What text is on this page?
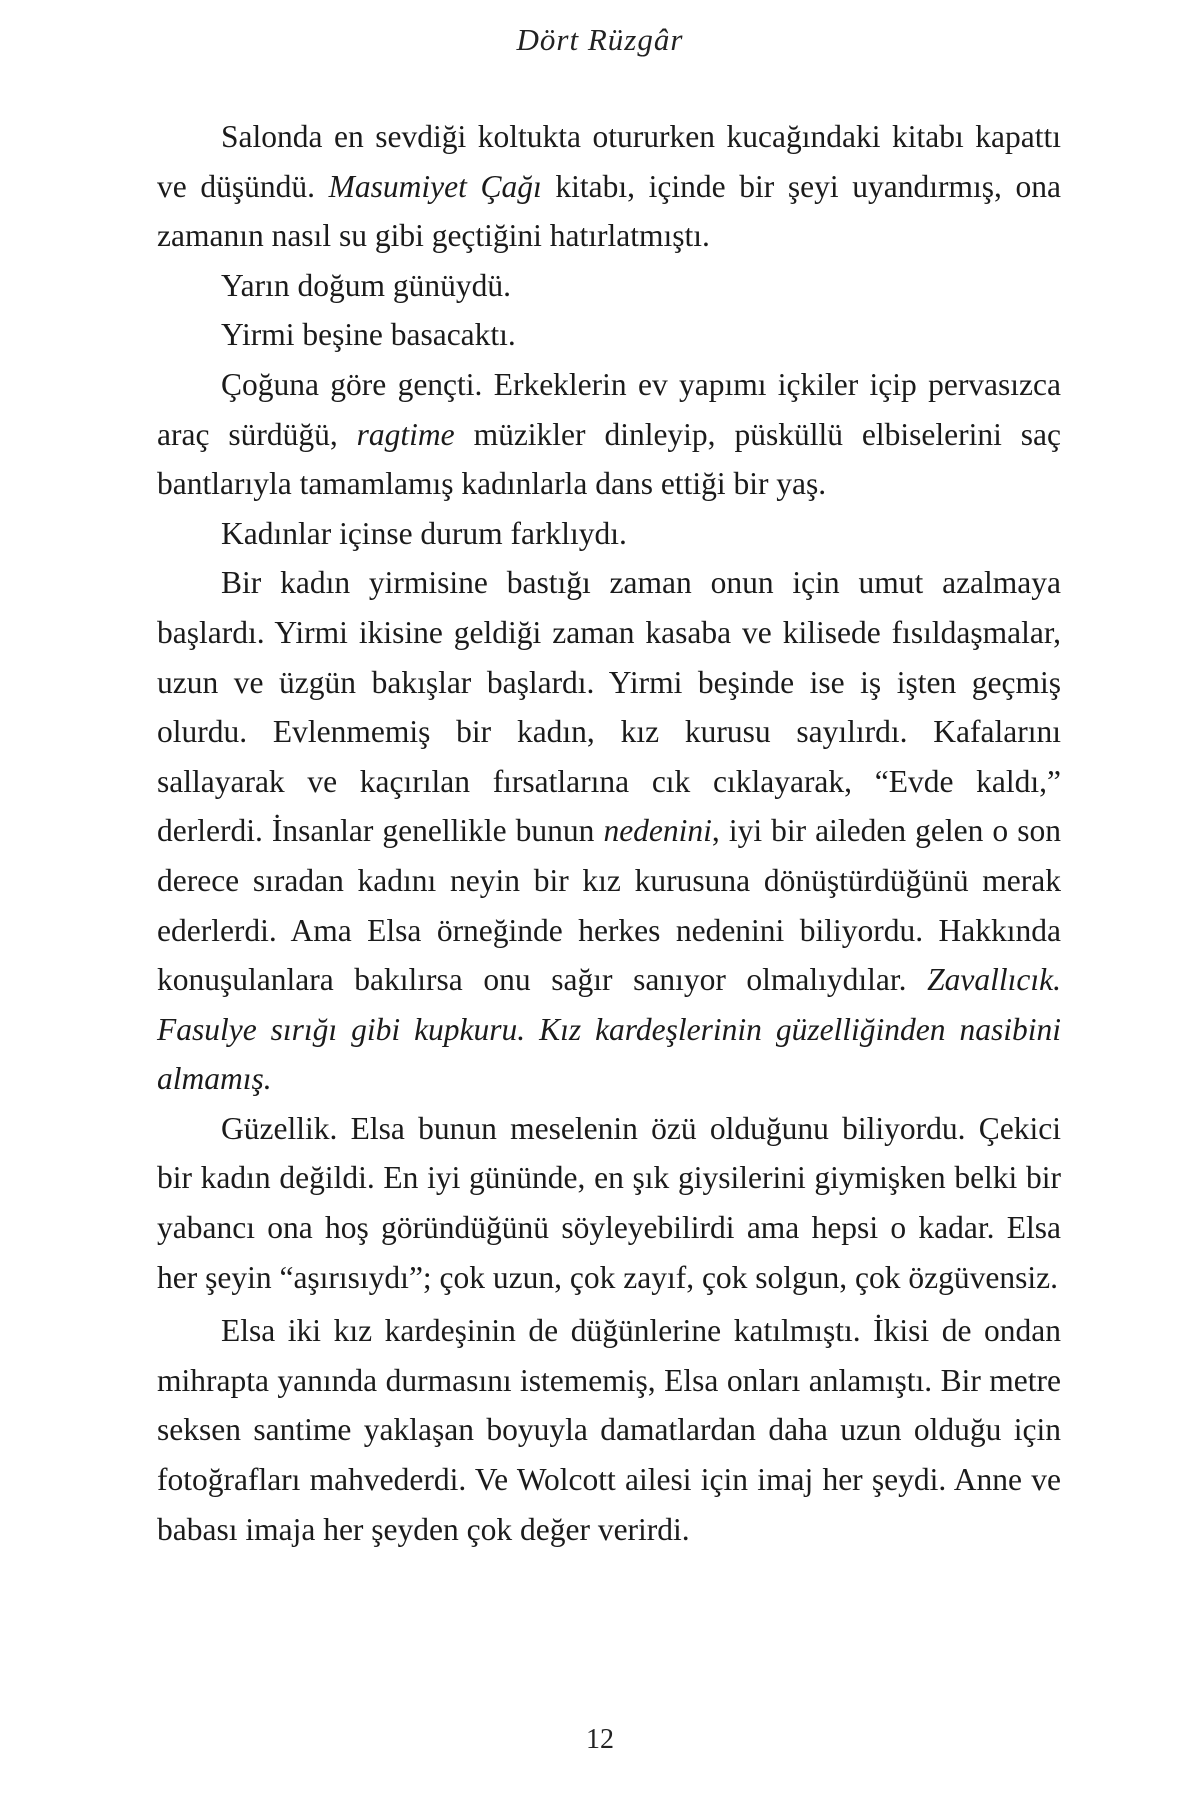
Dört Rüzgâr

Salonda en sevdiği koltukta otururken kucağındaki kitabı kapattı ve düşündü. Masumiyet Çağı kitabı, içinde bir şeyi uyandırmış, ona zamanın nasıl su gibi geçtiğini hatırlatmıştı.

Yarın doğum günüydü.

Yirmi beşine basacaktı.

Çoğuna göre gençti. Erkeklerin ev yapımı içkiler içip pervasızca araç sürdüğü, ragtime müzikler dinleyip, püsküllü elbiselerini saç bantlarıyla tamamlamış kadınlarla dans ettiği bir yaş.

Kadınlar içinse durum farklıydı.

Bir kadın yirmisine bastığı zaman onun için umut azalmaya başlardı. Yirmi ikisine geldiği zaman kasaba ve kilisede fısıldaşmalar, uzun ve üzgün bakışlar başlardı. Yirmi beşinde ise iş işten geçmiş olurdu. Evlenmemiş bir kadın, kız kurusu sayılırdı. Kafalarını sallayarak ve kaçırılan fırsatlarına cık cıklayarak, “Evde kaldı,” derlerdi. İnsanlar genellikle bunun nedenini, iyi bir aileden gelen o son derece sıradan kadını neyin bir kız kurusuna dönüştürdüğünü merak ederlerdi. Ama Elsa örneğinde herkes nedenini biliyordu. Hakkında konuşulanlara bakılırsa onu sağır sanıyor olmalıydılar. Zavallıcık. Fasulye sırığı gibi kupkuru. Kız kardeşlerinin güzelliğinden nasibini almamış.

Güzellik. Elsa bunun meselenin özü olduğunu biliyordu. Çekici bir kadın değildi. En iyi gününde, en şık giysilerini giymişken belki bir yabancı ona hoş göründüğünü söyleyebilirdi ama hepsi o kadar. Elsa her şeyin “aşırısıydı”; çok uzun, çok zayıf, çok solgun, çok özgüvensiz.

Elsa iki kız kardeşinin de düğünlerine katılmıştı. İkisi de ondan mihrapta yanında durmasını istememiş, Elsa onları anlamıştı. Bir metre seksen santime yaklaşan boyuyla damatlardan daha uzun olduğu için fotoğrafları mahvederdi. Ve Wolcott ailesi için imaj her şeydi. Anne ve babası imaja her şeyden çok değer verirdi.

12
